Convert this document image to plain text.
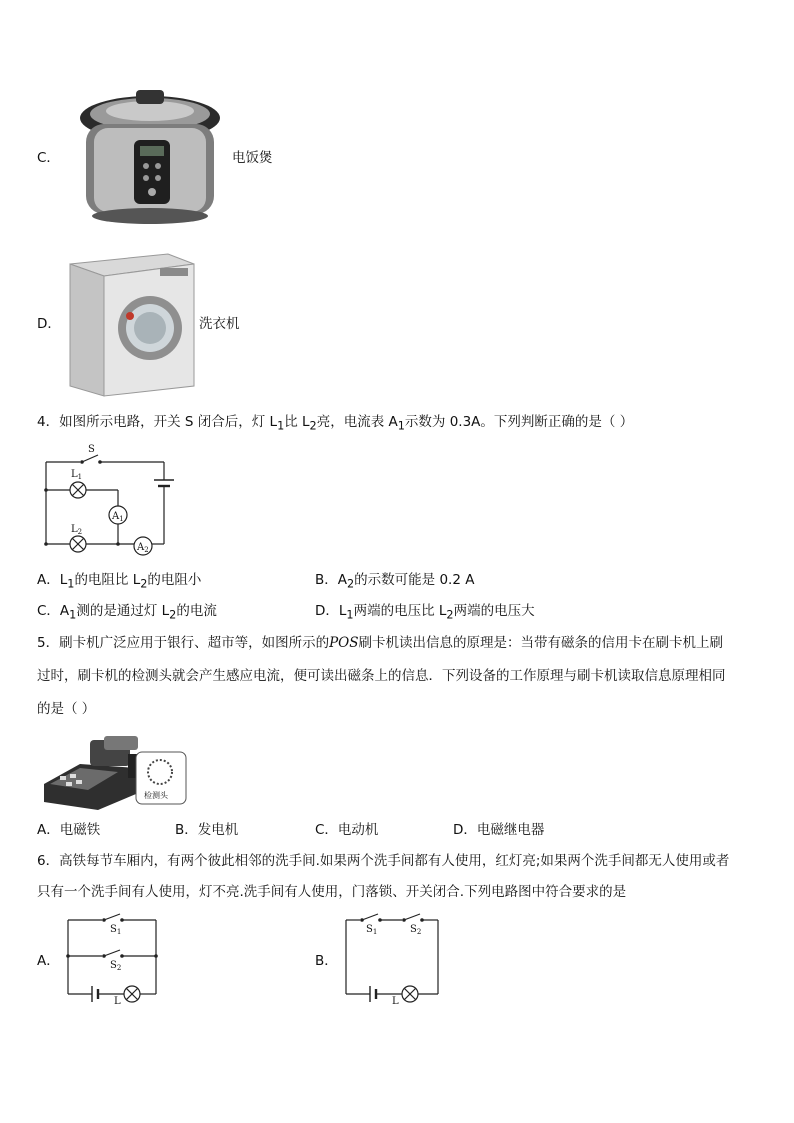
C．	电饭煲
D．	洗衣机
4．如图所示电路，开关 S 闭合后，灯 $L_1$比 $L_2$亮，电流表 $A_1$示数为 0.3A。下列判断正确的是（ ）
S
$L_1$
$A_1$
$L_2$
$A_2$
A．$L_1$的电阻比 $L_2$的电阻小	B．$A_2$的示数可能是 0.2 A
C．$A_1$测的是通过灯 $L_2$的电流	D．$L_1$两端的电压比 $L_2$两端的电压大
5．刷卡机广泛应用于银行、超市等，如图所示的POS刷卡机读出信息的原理是：当带有磁条的信用卡在刷卡机上刷
过时，刷卡机的检测头就会产生感应电流，便可读出磁条上的信息．下列设备的工作原理与刷卡机读取信息原理相同
的是（ ）
检测头
A．电磁铁	B．发电机	C．电动机	D．电磁继电器
6．高铁每节车厢内，有两个彼此相邻的洗手间.如果两个洗手间都有人使用，红灯亮;如果两个洗手间都无人使用或者
只有一个洗手间有人使用，灯不亮.洗手间有人使用，门落锁、开关闭合.下列电路图中符合要求的是
A．
$S_1$
$S_2$
L
B．
$S_1$	$S_2$
L
